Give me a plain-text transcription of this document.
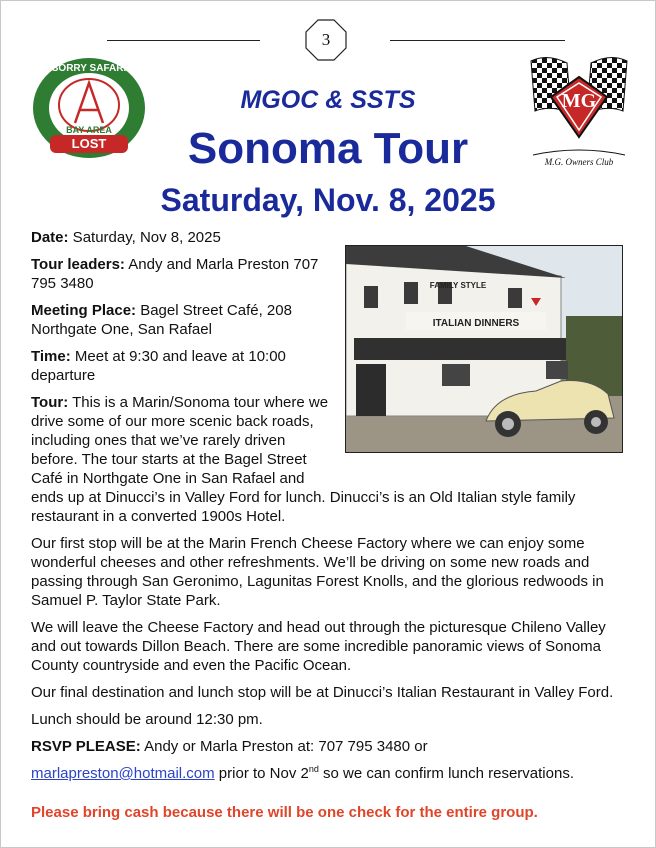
3
SORRY SAFARI
BAY AREA
LOST
MG
M.G. Owners Club
MGOC & SSTS
Sonoma Tour
Saturday, Nov. 8, 2025
FAMILY STYLE
ITALIAN DINNERS

Date: Saturday, Nov 8, 2025

Tour leaders: Andy and Marla Preston 707 795 3480

Meeting Place: Bagel Street Café, 208 Northgate One, San Rafael

Time: Meet at 9:30 and leave at 10:00 departure

Tour: This is a Marin/Sonoma tour where we drive some of our more scenic back roads, including ones that we’ve rarely driven before. The tour starts at the Bagel Street Café in Northgate One in San Rafael and ends up at Dinucci’s in Valley Ford for lunch. Dinucci’s is an Old Italian style family restaurant in a converted 1900s Hotel.

Our first stop will be at the Marin French Cheese Factory where we can enjoy some wonderful cheeses and other refreshments. We’ll be driving on some new roads and passing through San Geronimo, Lagunitas Forest Knolls, and the glorious redwoods in Samuel P. Taylor State Park.

We will leave the Cheese Factory and head out through the picturesque Chileno Valley and out towards Dillon Beach. There are some incredible panoramic views of Sonoma County countryside and even the Pacific Ocean.

Our final destination and lunch stop will be at Dinucci’s Italian Restaurant in Valley Ford.

Lunch should be around 12:30 pm.

RSVP PLEASE: Andy or Marla Preston at: 707 795 3480 or

marlapreston@hotmail.com prior to Nov 2nd so we can confirm lunch reservations.

Please bring cash because there will be one check for the entire group.
